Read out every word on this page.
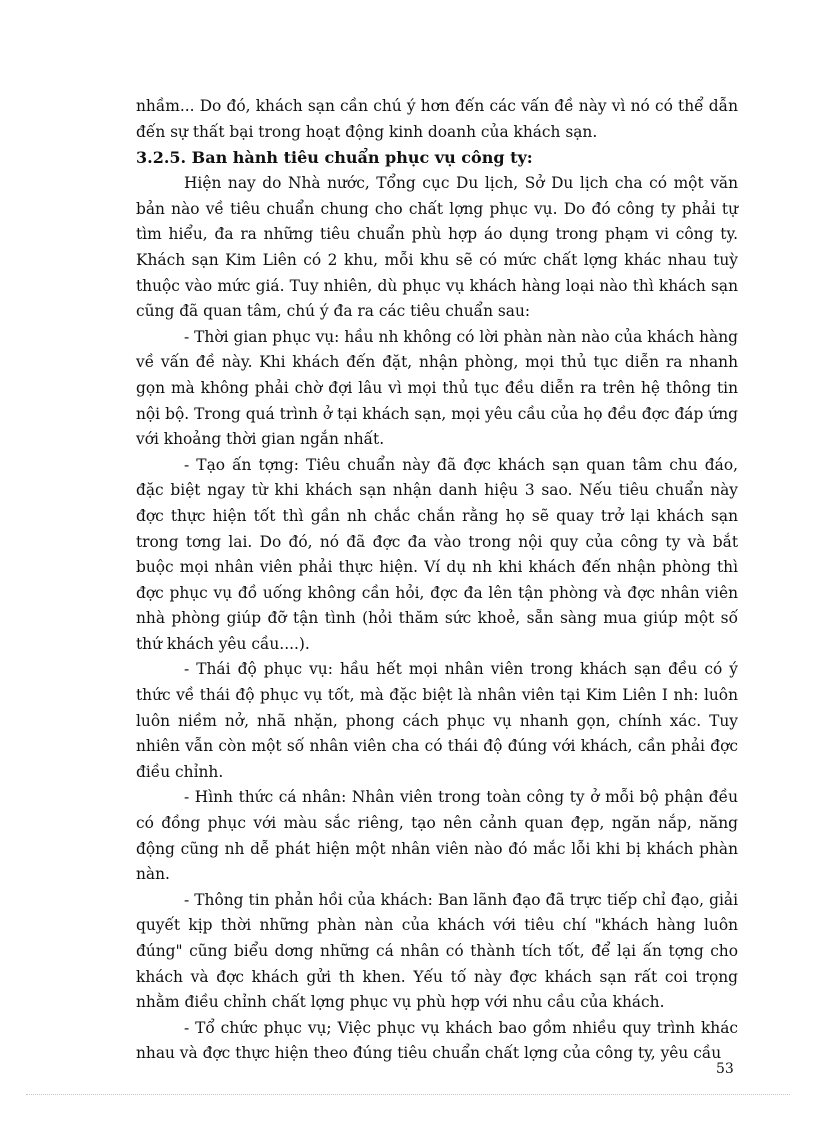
nhầm... Do đó, khách sạn cần chú ý hơn đến các vấn đề này vì nó có thể dẫn đến sự thất bại trong hoạt động kinh doanh của khách sạn.

3.2.5. Ban hành tiêu chuẩn phục vụ công ty:

Hiện nay do Nhà nước, Tổng cục Du lịch, Sở Du lịch cha có một văn bản nào về tiêu chuẩn chung cho chất lợng phục vụ. Do đó công ty phải tự tìm hiểu, đa ra những tiêu chuẩn phù hợp áo dụng trong phạm vi công ty. Khách sạn Kim Liên có 2 khu, mỗi khu sẽ có mức chất lợng khác nhau tuỳ thuộc vào mức giá. Tuy nhiên, dù phục vụ khách hàng loại nào thì khách sạn cũng đã quan tâm, chú ý đa ra các tiêu chuẩn sau:

- Thời gian phục vụ: hầu nh không có lời phàn nàn nào của khách hàng về vấn đề này. Khi khách đến đặt, nhận phòng, mọi thủ tục diễn ra nhanh gọn mà không phải chờ đợi lâu vì mọi thủ tục đều diễn ra trên hệ thông tin nội bộ. Trong quá trình ở tại khách sạn, mọi yêu cầu của họ đều đợc đáp ứng với khoảng thời gian ngắn nhất.

- Tạo ấn tợng: Tiêu chuẩn này đã đợc khách sạn quan tâm chu đáo, đặc biệt ngay từ khi khách sạn nhận danh hiệu 3 sao. Nếu tiêu chuẩn này đợc thực hiện tốt thì gần nh chắc chắn rằng họ sẽ quay trở lại khách sạn trong tơng lai. Do đó, nó đã đợc đa vào trong nội quy của công ty và bắt buộc mọi nhân viên phải thực hiện. Ví dụ nh khi khách đến nhận phòng thì đợc phục vụ đồ uống không cần hỏi, đợc đa lên tận phòng và đợc nhân viên nhà phòng giúp đỡ tận tình (hỏi thăm sức khoẻ, sẵn sàng mua giúp một số thứ khách yêu cầu....).

- Thái độ phục vụ: hầu hết mọi nhân viên trong khách sạn đều có ý thức về thái độ phục vụ tốt, mà đặc biệt là nhân viên tại Kim Liên I nh: luôn luôn niềm nở, nhã nhặn, phong cách phục vụ nhanh gọn, chính xác. Tuy nhiên vẫn còn một số nhân viên cha có thái độ đúng với khách, cần phải đợc điều chỉnh.

- Hình thức cá nhân: Nhân viên trong toàn công ty ở mỗi bộ phận đều có đồng phục với màu sắc riêng, tạo nên cảnh quan đẹp, ngăn nắp, năng động cũng nh dễ phát hiện một nhân viên nào đó mắc lỗi khi bị khách phàn nàn.

- Thông tin phản hồi của khách: Ban lãnh đạo đã trực tiếp chỉ đạo, giải quyết kịp thời những phàn nàn của khách với tiêu chí "khách hàng luôn đúng" cũng biểu dơng những cá nhân có thành tích tốt, để lại ấn tợng cho khách và đợc khách gửi th khen. Yếu tố này đợc khách sạn rất coi trọng nhằm điều chỉnh chất lợng phục vụ phù hợp với nhu cầu của khách.

- Tổ chức phục vụ; Việc phục vụ khách bao gồm nhiều quy trình khác nhau và đợc thực hiện theo đúng tiêu chuẩn chất lợng của công ty, yêu cầu

53
